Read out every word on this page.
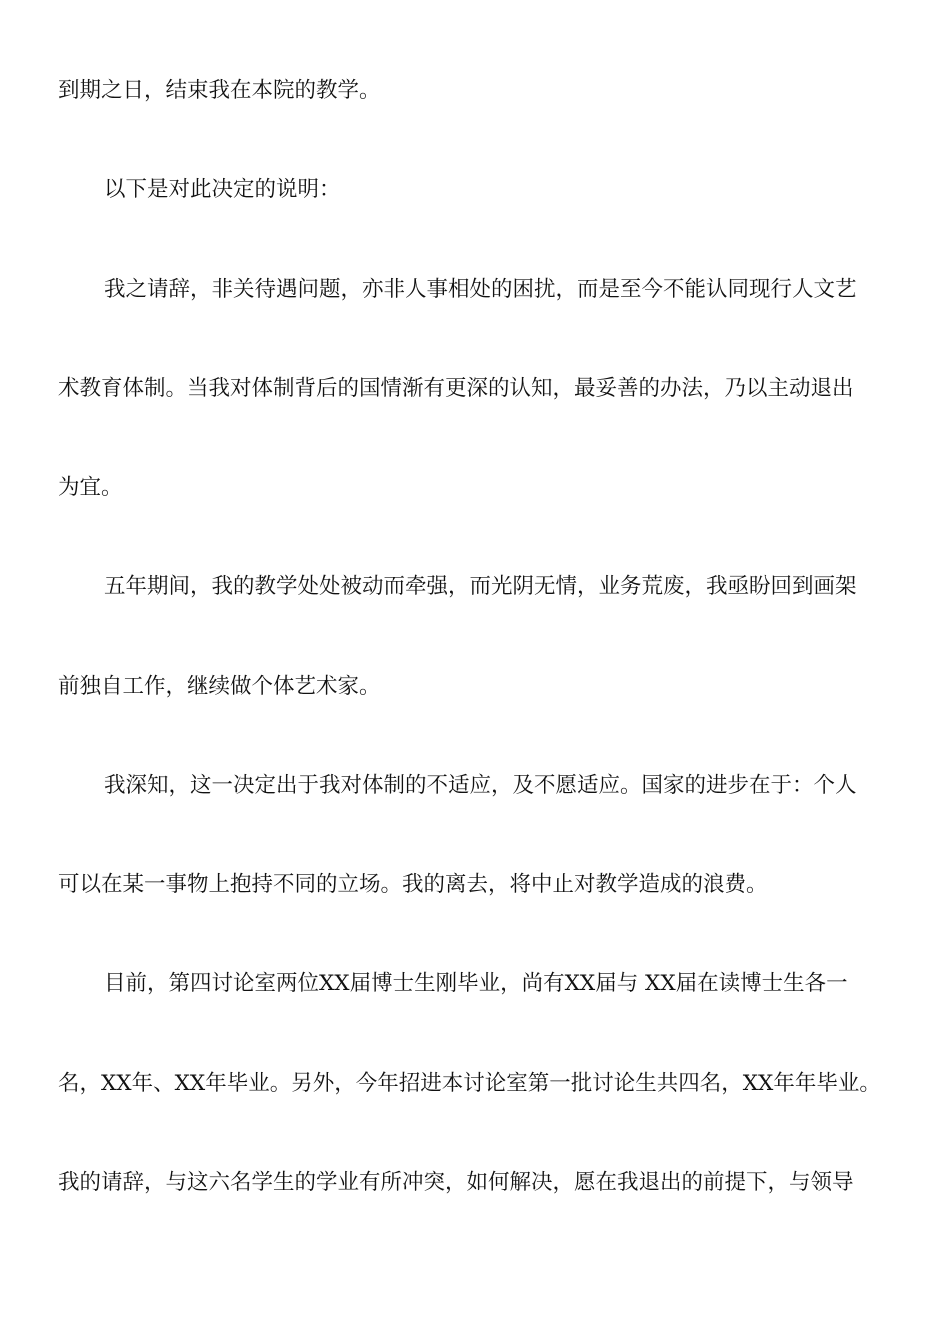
到期之日，结束我在本院的教学。
以下是对此决定的说明：
我之请辞，非关待遇问题，亦非人事相处的困扰，而是至今不能认同现行人文艺
术教育体制。当我对体制背后的国情渐有更深的认知，最妥善的办法，乃以主动退出
为宜。
五年期间，我的教学处处被动而牵强，而光阴无情，业务荒废，我亟盼回到画架
前独自工作，继续做个体艺术家。
我深知，这一决定出于我对体制的不适应，及不愿适应。国家的进步在于：个人
可以在某一事物上抱持不同的立场。我的离去，将中止对教学造成的浪费。
目前，第四讨论室两位XX届博士生刚毕业，尚有XX届与 XX届在读博士生各一
名，XX年、XX年毕业。另外，今年招进本讨论室第一批讨论生共四名，XX年年毕业。
我的请辞，与这六名学生的学业有所冲突，如何解决，愿在我退出的前提下，与领导
